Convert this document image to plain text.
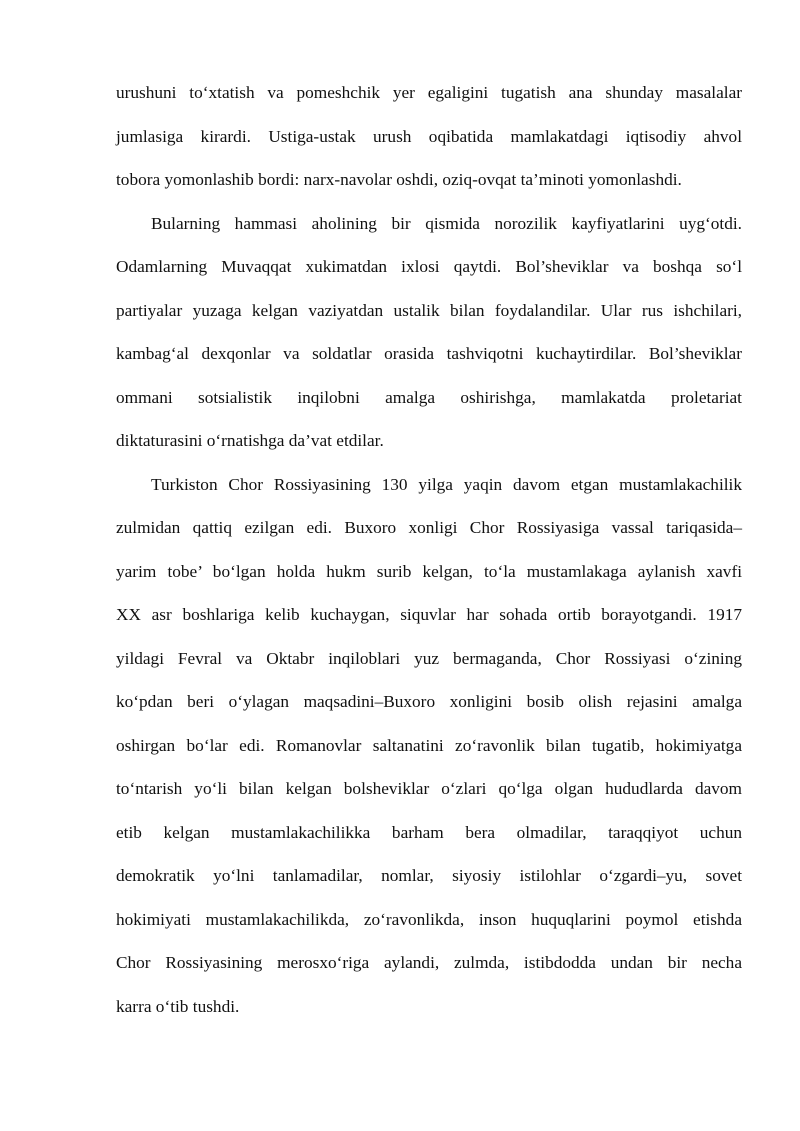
urushuni to‘xtatish va pomeshchik yer egaligini tugatish ana shunday masalalar
jumlasiga kirardi. Ustiga-ustak urush oqibatida mamlakatdagi iqtisodiy ahvol
tobora yomonlashib bordi: narx-navolar oshdi, oziq-ovqat ta’minoti yomonlashdi.
Bularning hammasi aholining bir qismida norozilik kayfiyatlarini uyg‘otdi.
Odamlarning Muvaqqat xukimatdan ixlosi qaytdi. Bol’sheviklar va boshqa so‘l
partiyalar yuzaga kelgan vaziyatdan ustalik bilan foydalandilar. Ular rus ishchilari,
kambag‘al dexqonlar va soldatlar orasida tashviqotni kuchaytirdilar. Bol’sheviklar
ommani sotsialistik inqilobni amalga oshirishga, mamlakatda proletariat
diktaturasini o‘rnatishga da’vat etdilar.
Turkiston Chor Rossiyasining 130 yilga yaqin davom etgan mustamlakachilik
zulmidan qattiq ezilgan edi. Buxoro xonligi Chor Rossiyasiga vassal tariqasida–
yarim tobe’ bo‘lgan holda hukm surib kelgan, to‘la mustamlakaga aylanish xavfi
XX asr boshlariga kelib kuchaygan, siquvlar har sohada ortib borayotgandi. 1917
yildagi Fevral va Oktabr inqiloblari yuz bermaganda, Chor Rossiyasi o‘zining
ko‘pdan beri o‘ylagan maqsadini–Buxoro xonligini bosib olish rejasini amalga
oshirgan bo‘lar edi. Romanovlar saltanatini zo‘ravonlik bilan tugatib, hokimiyatga
to‘ntarish yo‘li bilan kelgan bolsheviklar o‘zlari qo‘lga olgan hududlarda davom
etib kelgan mustamlakachilikka barham bera olmadilar, taraqqiyot uchun
demokratik yo‘lni tanlamadilar, nomlar, siyosiy istilohlar o‘zgardi–yu, sovet
hokimiyati mustamlakachilikda, zo‘ravonlikda, inson huquqlarini poymol etishda
Chor Rossiyasining merosxo‘riga aylandi, zulmda, istibdodda undan bir necha
karra o‘tib tushdi.
